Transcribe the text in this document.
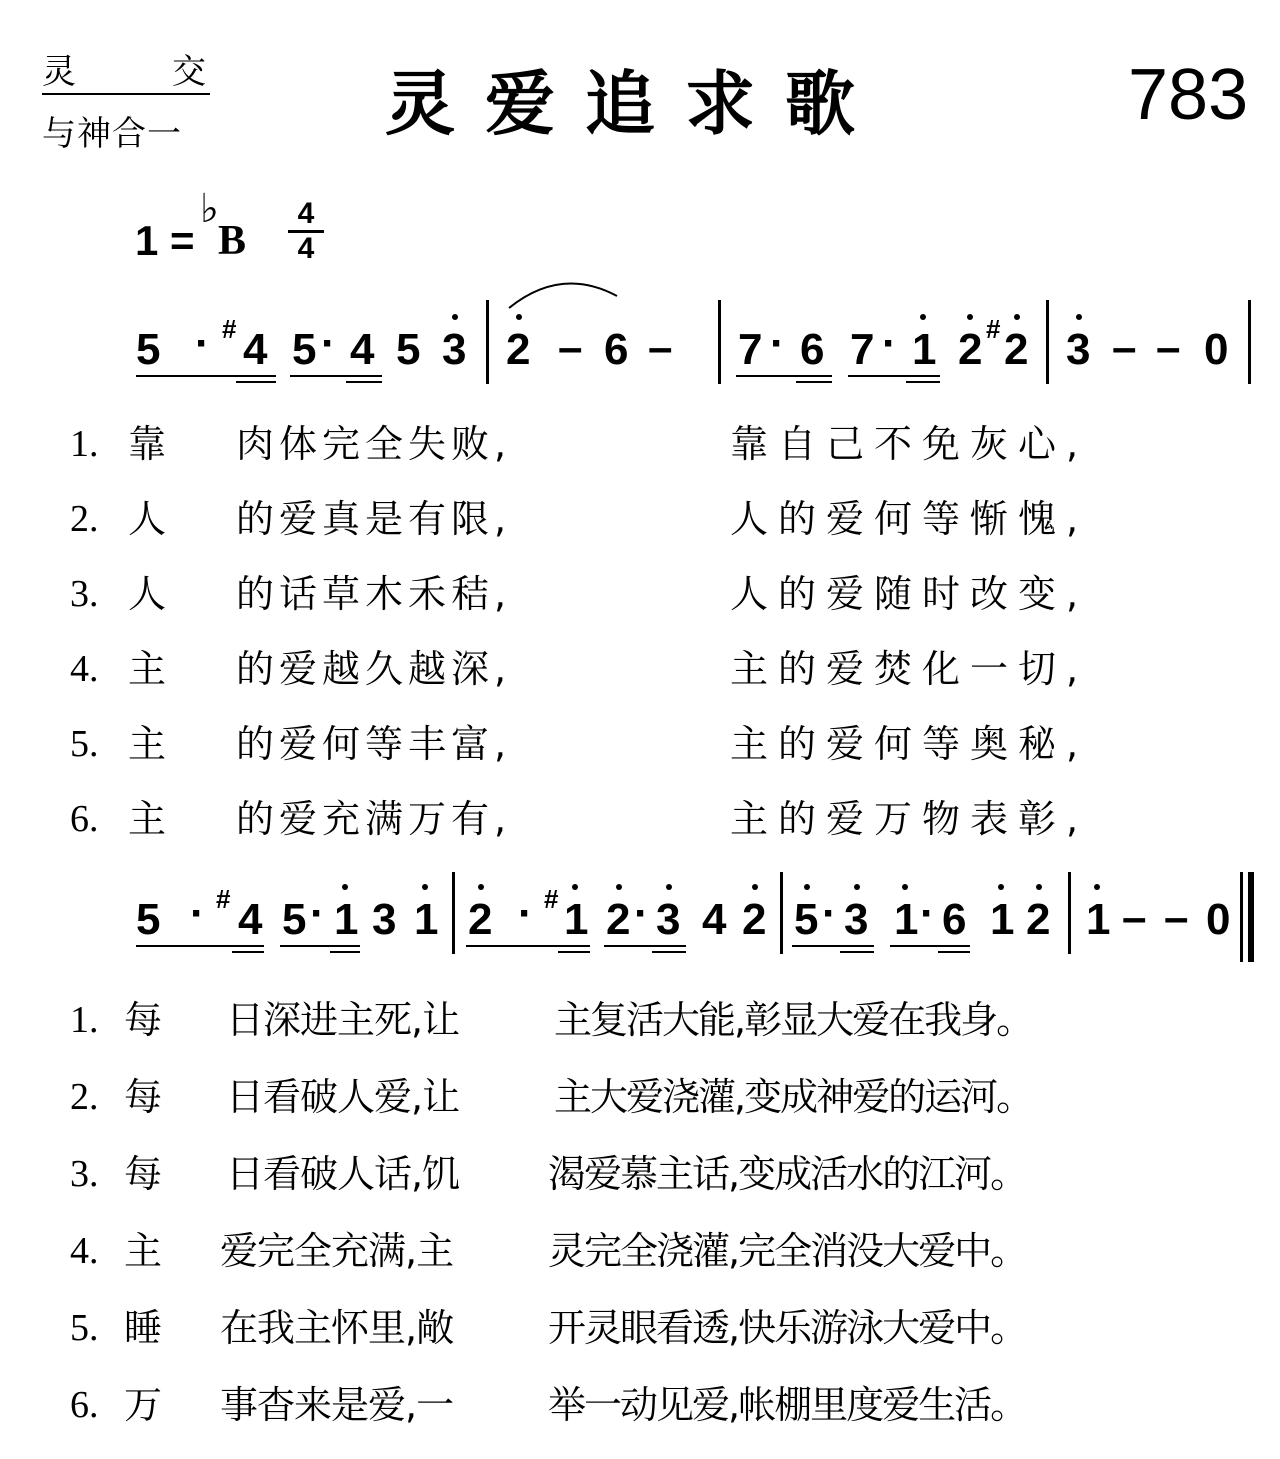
灵	交
与神合一	灵爱追求歌	783
1 =
♭
B
4
4
5 · # 4 5 · 4 5 3 2 – 6 – 7 · 6 7 · 1 2 # 2 3 – – 0
1. 靠 肉体完全失败,	靠自己不免灰心,
2. 人 的爱真是有限,	人的爱何等惭愧,
3. 人 的话草木禾秸,	人的爱随时改变,
4. 主 的爱越久越深,	主的爱焚化一切,
5. 主 的爱何等丰富,	主的爱何等奥秘,
6. 主 的爱充满万有,	主的爱万物表彰,
5 · # 4 5 · 1 3 1 2 · # 1 2 · 3 4 2 5 · 3 1 · 6 1 2 1 – – 0
1. 每 日深进主死,让 主复活大能,彰显大爱在我身。
2. 每 日看破人爱,让 主大爱浇灌,变成神爱的运河。
3. 每 日看破人话,饥 渴爱慕主话,变成活水的江河。
4. 主 爱完全充满,主 灵完全浇灌,完全消没大爱中。
5. 睡 在我主怀里,敞 开灵眼看透,快乐游泳大爱中。
6. 万 事杳来是爱,一 举一动见爱,帐棚里度爱生活。
